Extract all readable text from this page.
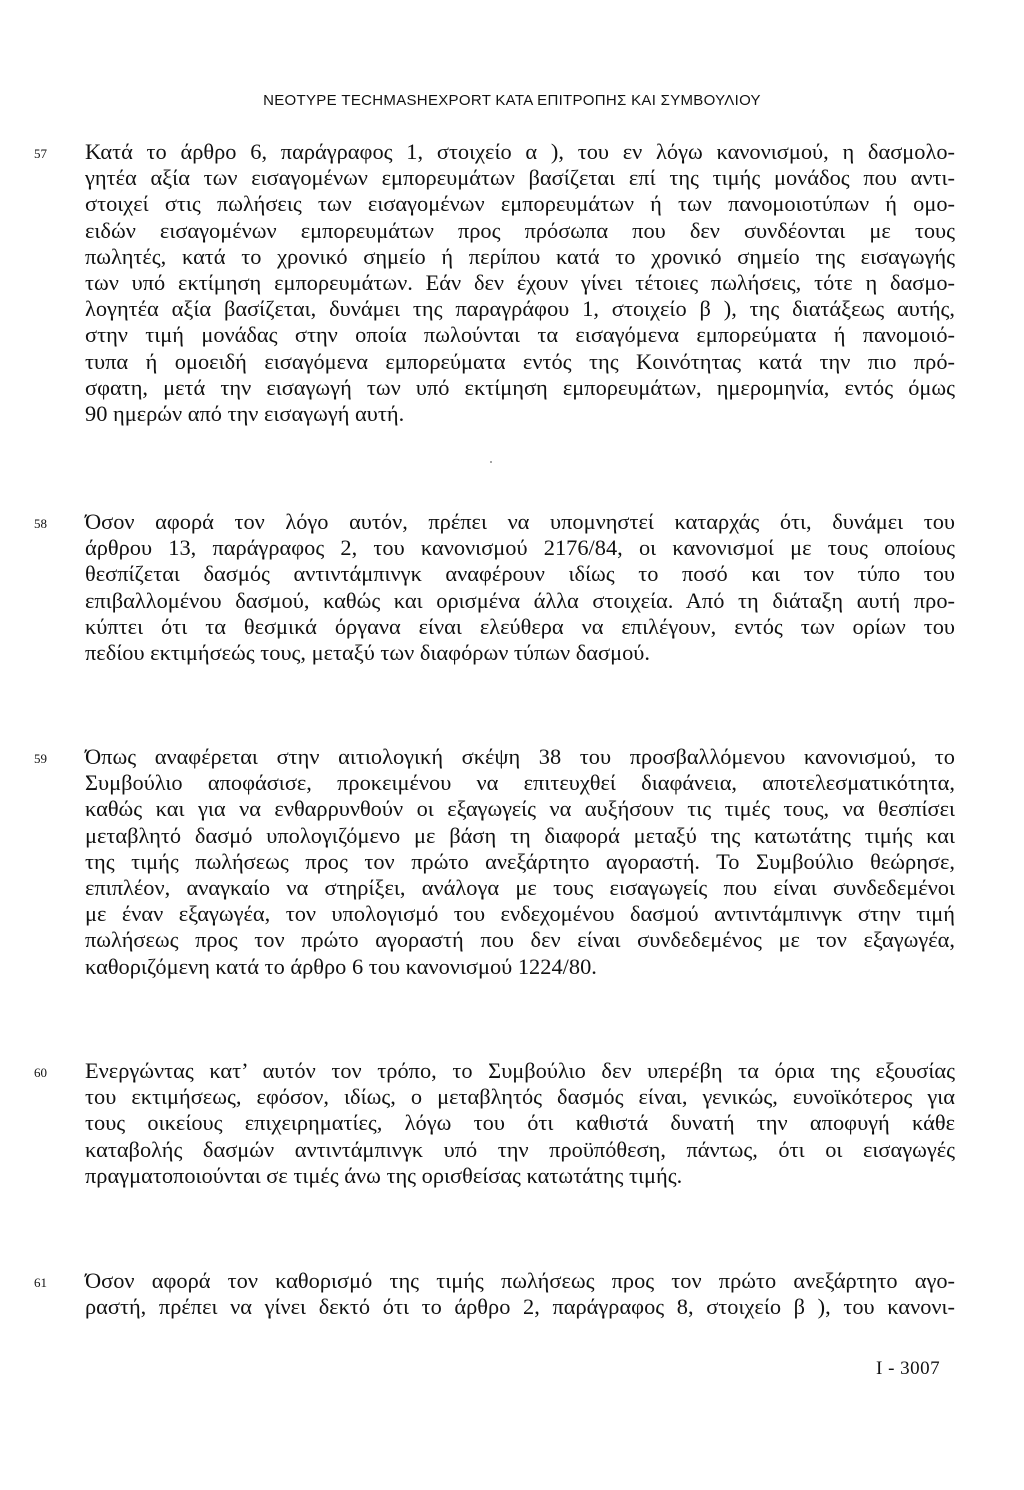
ΝΕΟΤΥΡΕ TECHMASHEXPORT ΚΑΤΑ ΕΠΙΤΡΟΠΗΣ ΚΑΙ ΣΥΜΒΟΥΛΙΟΥ
57 Κατά το άρθρο 6, παράγραφος 1, στοιχείο α ), του εν λόγω κανονισμού, η δασμολο-
γητέα αξία των εισαγομένων εμπορευμάτων βασίζεται επί της τιμής μονάδος που αντι-
στοιχεί στις πωλήσεις των εισαγομένων εμπορευμάτων ή των πανομοιοτύπων ή ομο-
ειδών εισαγομένων εμπορευμάτων προς πρόσωπα που δεν συνδέονται με τους
πωλητές, κατά το χρονικό σημείο ή περίπου κατά το χρονικό σημείο της εισαγωγής
των υπό εκτίμηση εμπορευμάτων. Εάν δεν έχουν γίνει τέτοιες πωλήσεις, τότε η δασμο-
λογητέα αξία βασίζεται, δυνάμει της παραγράφου 1, στοιχείο β ), της διατάξεως αυτής,
στην τιμή μονάδας στην οποία πωλούνται τα εισαγόμενα εμπορεύματα ή πανομοιό-
τυπα ή ομοειδή εισαγόμενα εμπορεύματα εντός της Κοινότητας κατά την πιο πρό-
σφατη, μετά την εισαγωγή των υπό εκτίμηση εμπορευμάτων, ημερομηνία, εντός όμως
90 ημερών από την εισαγωγή αυτή.
58 Όσον αφορά τον λόγο αυτόν, πρέπει να υπομνηστεί καταρχάς ότι, δυνάμει του
άρθρου 13, παράγραφος 2, του κανονισμού 2176/84, οι κανονισμοί με τους οποίους
θεσπίζεται δασμός αντιντάμπινγκ αναφέρουν ιδίως το ποσό και τον τύπο του
επιβαλλομένου δασμού, καθώς και ορισμένα άλλα στοιχεία. Από τη διάταξη αυτή προ-
κύπτει ότι τα θεσμικά όργανα είναι ελεύθερα να επιλέγουν, εντός των ορίων του
πεδίου εκτιμήσεώς τους, μεταξύ των διαφόρων τύπων δασμού.
59 Όπως αναφέρεται στην αιτιολογική σκέψη 38 του προσβαλλόμενου κανονισμού, το
Συμβούλιο αποφάσισε, προκειμένου να επιτευχθεί διαφάνεια, αποτελεσματικότητα,
καθώς και για να ενθαρρυνθούν οι εξαγωγείς να αυξήσουν τις τιμές τους, να θεσπίσει
μεταβλητό δασμό υπολογιζόμενο με βάση τη διαφορά μεταξύ της κατωτάτης τιμής και
της τιμής πωλήσεως προς τον πρώτο ανεξάρτητο αγοραστή. Το Συμβούλιο θεώρησε,
επιπλέον, αναγκαίο να στηρίξει, ανάλογα με τους εισαγωγείς που είναι συνδεδεμένοι
με έναν εξαγωγέα, τον υπολογισμό του ενδεχομένου δασμού αντιντάμπινγκ στην τιμή
πωλήσεως προς τον πρώτο αγοραστή που δεν είναι συνδεδεμένος με τον εξαγωγέα,
καθοριζόμενη κατά το άρθρο 6 του κανονισμού 1224/80.
60 Ενεργώντας κατ’ αυτόν τον τρόπο, το Συμβούλιο δεν υπερέβη τα όρια της εξουσίας
του εκτιμήσεως, εφόσον, ιδίως, ο μεταβλητός δασμός είναι, γενικώς, ευνοϊκότερος για
τους οικείους επιχειρηματίες, λόγω του ότι καθιστά δυνατή την αποφυγή κάθε
καταβολής δασμών αντιντάμπινγκ υπό την προϋπόθεση, πάντως, ότι οι εισαγωγές
πραγματοποιούνται σε τιμές άνω της ορισθείσας κατωτάτης τιμής.
61 Όσον αφορά τον καθορισμό της τιμής πωλήσεως προς τον πρώτο ανεξάρτητο αγο-
ραστή, πρέπει να γίνει δεκτό ότι το άρθρο 2, παράγραφος 8, στοιχείο β ), του κανονι-
I - 3007
